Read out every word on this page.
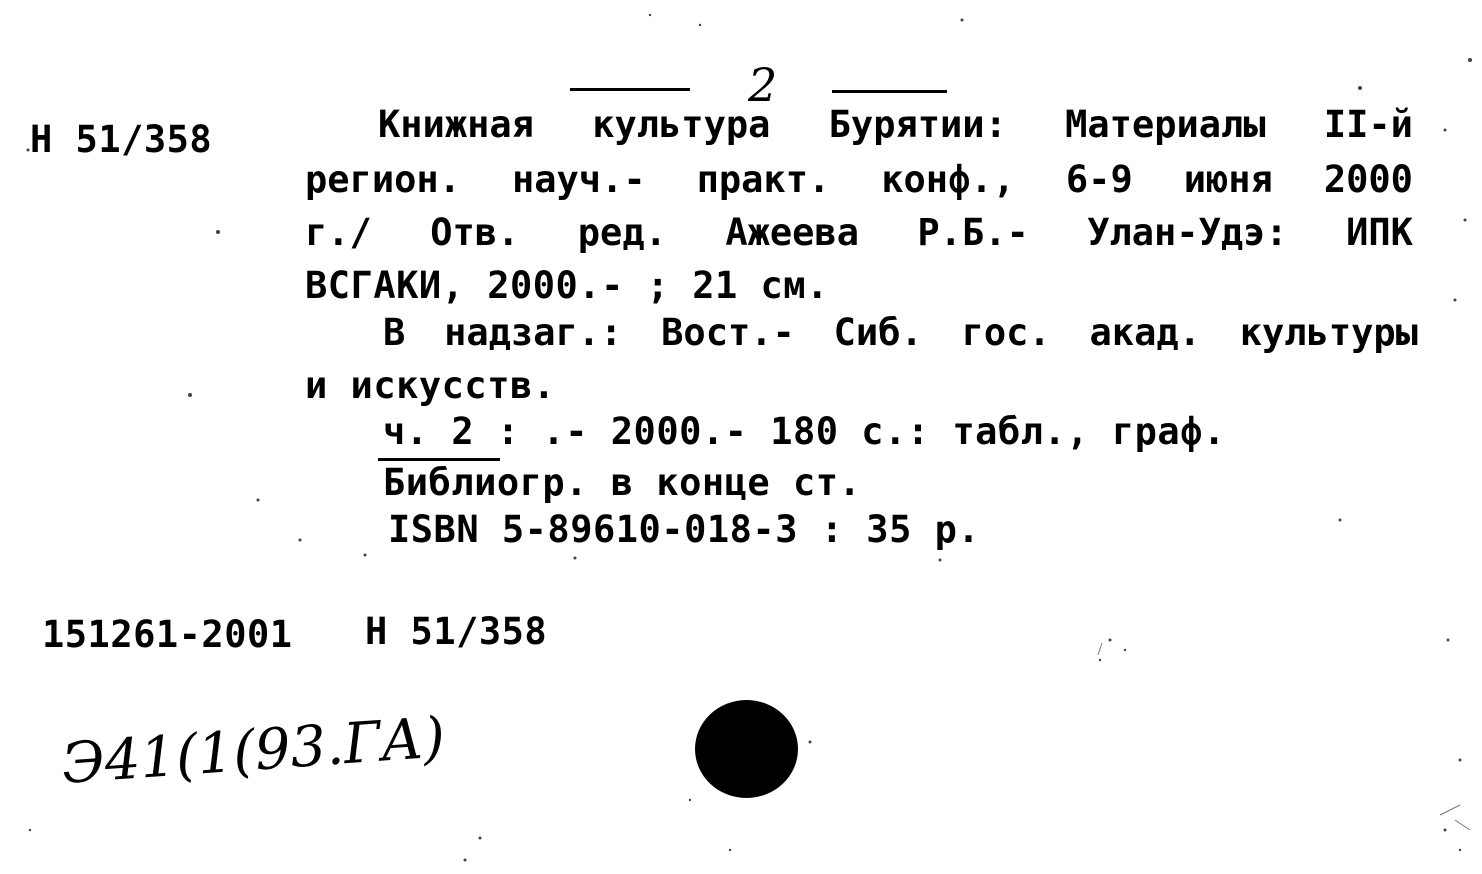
2
Н 51/358	Книжная культура Бурятии: Материалы II-й
регион. науч.- практ. конф., 6-9 июня 2000
г./ Отв. ред. Ажеева Р.Б.- Улан-Удэ: ИПК
ВСГАКИ, 2000.- ; 21 см.
В надзаг.: Вост.- Сиб. гос. акад. культуры
и искусств.
ч. 2 : .- 2000.- 180 с.: табл., граф.
Библиогр. в конце ст.
ISBN 5-89610-018-3 : 35 р.
151261-2001 Н 51/358
Э41(1(93.ГА)
